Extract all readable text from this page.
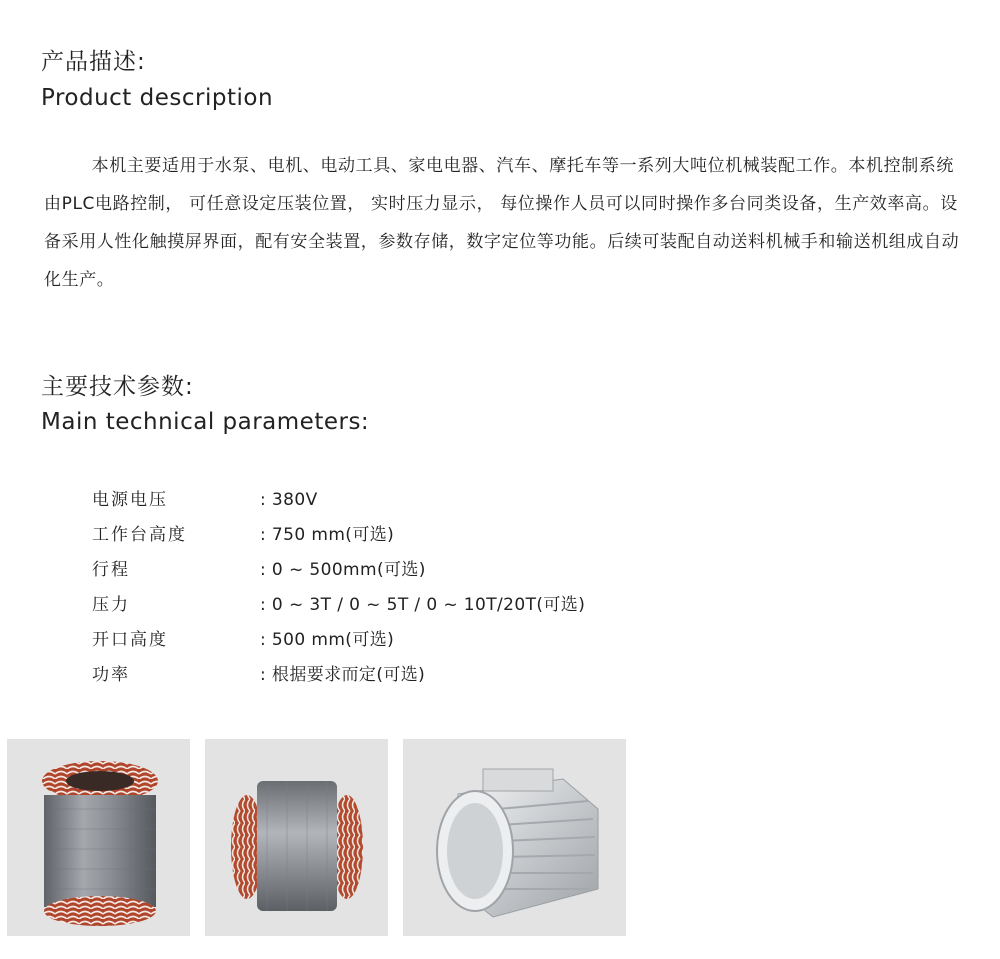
产品描述:
Product description

本机主要适用于水泵、电机、电动工具、家电电器、汽车、摩托车等一系列大吨位机械装配工作。本机控制系统由PLC电路控制， 可任意设定压装位置， 实时压力显示， 每位操作人员可以同时操作多台同类设备，生产效率高。设备采用人性化触摸屏界面，配有安全装置，参数存储，数字定位等功能。后续可装配自动送料机械手和输送机组成自动化生产。

主要技术参数:
Main technical parameters:
电源电压	: 380V
工作台高度	: 750 mm(可选)
行程	: 0 ~ 500mm(可选)
压力	: 0 ~ 3T / 0 ~ 5T / 0 ~ 10T/20T(可选)
开口高度	: 500 mm(可选)
功率	: 根据要求而定(可选)
